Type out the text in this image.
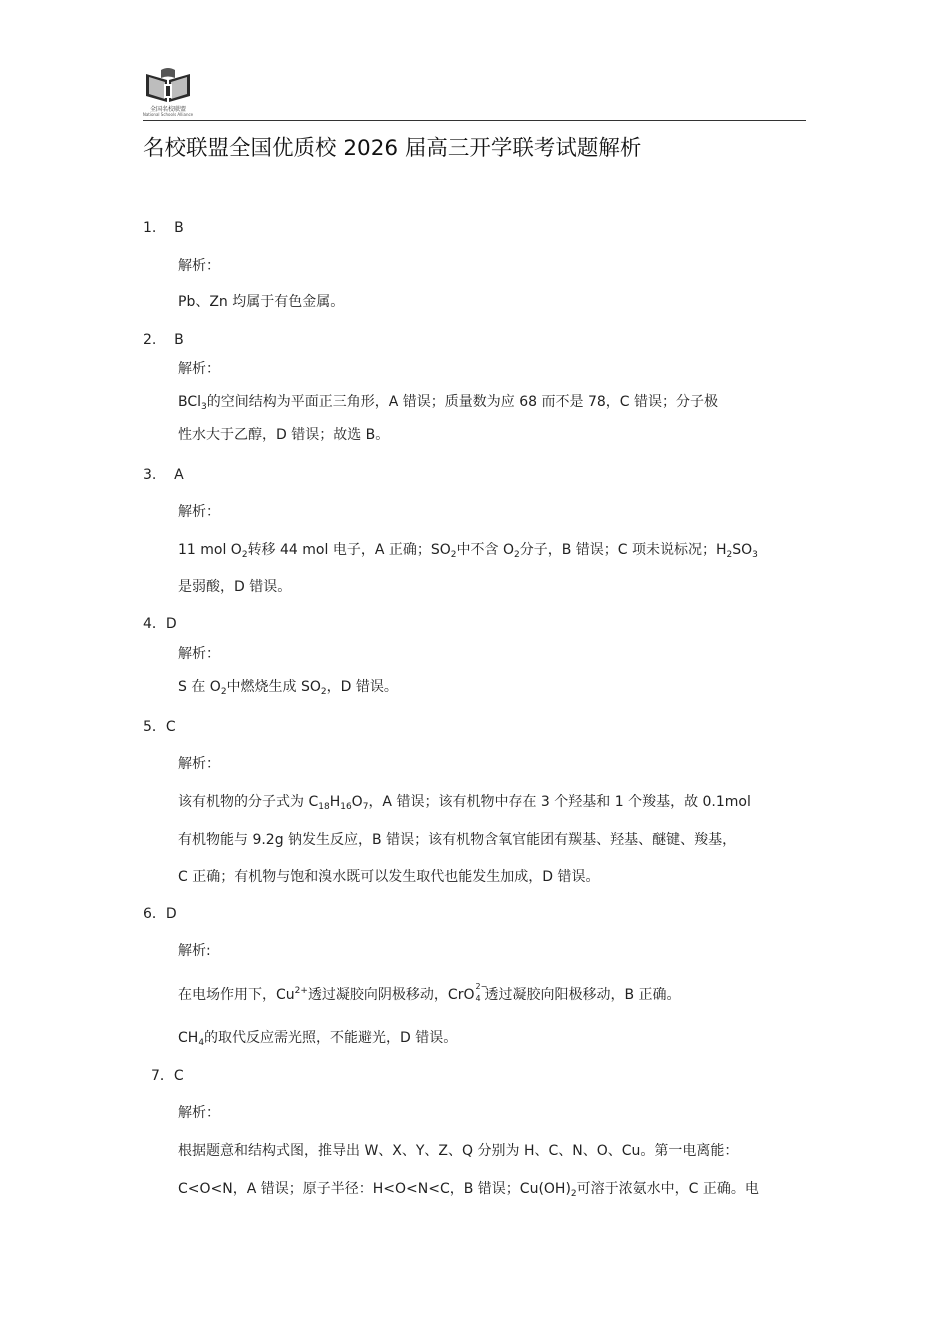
全国名校联盟
National Schools Alliance
名校联盟全国优质校 2026 届高三开学联考试题解析
1. B
解析：
Pb、Zn 均属于有色金属。
2. B
解析：
BCl$_3$的空间结构为平面正三角形，A 错误；质量数为应 68 而不是 78，C 错误；分子极
性水大于乙醇，D 错误；故选 B。
3. A
解析：
11 mol $O_2$转移 44 mol 电子，A 正确；$SO_2$中不含 $O_2$分子，B 错误；C 项未说标况；$H_2SO_3$
是弱酸，D 错误。
4．D
解析：
S 在 $O_2$中燃烧生成 $SO_2$，D 错误。
5．C
解析：
该有机物的分子式为 $C_{18}H_{16}O_7$，A 错误；该有机物中存在 3 个羟基和 1 个羧基，故 0.1mol
有机物能与 9.2g 钠发生反应，B 错误；该有机物含氧官能团有羰基、羟基、醚键、羧基，
C 正确；有机物与饱和溴水既可以发生取代也能发生加成，D 错误。
6．D
解析:
在电场作用下，$Cu^{2+}$透过凝胶向阴极移动，CrO
2−
4 透过凝胶向阳极移动，B 正确。
$CH_4$的取代反应需光照，不能避光，D 错误。
7．C
解析：
根据题意和结构式图，推导出 W、X、Y、Z、Q 分别为 H、C、N、O、Cu。第一电离能：
C<O<N，A 错误；原子半径：H<O<N<C，B 错误；$Cu(OH)_2$可溶于浓氨水中，C 正确。电
